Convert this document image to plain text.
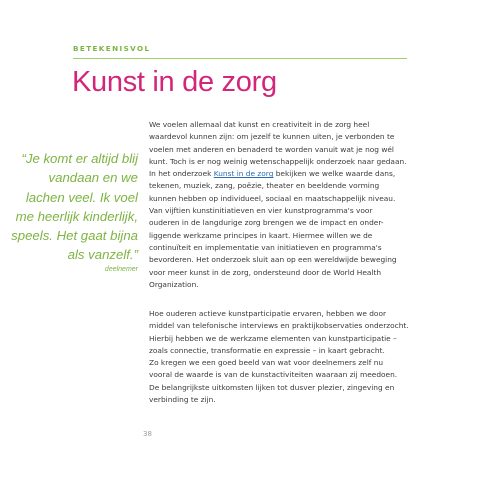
BETEKENISVOL
Kunst in de zorg
“Je komt er altijd blij
vandaan en we
lachen veel. Ik voel
me heerlijk kinderlijk,
speels. Het gaat bijna
als vanzelf.”
deelnemer
We voelen allemaal dat kunst en creativiteit in de zorg heel
waardevol kunnen zijn: om jezelf te kunnen uiten, je verbonden te
voelen met anderen en benaderd te worden vanuit wat je nog wél
kunt. Toch is er nog weinig wetenschappelijk onderzoek naar gedaan.
In het onderzoek Kunst in de zorg bekijken we welke waarde dans,
tekenen, muziek, zang, poëzie, theater en beeldende vorming
kunnen hebben op individueel, sociaal en maatschappelijk niveau.
Van vijftien kunstinitiatieven en vier kunstprogramma's voor
ouderen in de langdurige zorg brengen we de impact en onder-
liggende werkzame principes in kaart. Hiermee willen we de
continuïteit en implementatie van initiatieven en programma's
bevorderen. Het onderzoek sluit aan op een wereldwijde beweging
voor meer kunst in de zorg, ondersteund door de World Health
Organization.
Hoe ouderen actieve kunstparticipatie ervaren, hebben we door
middel van telefonische interviews en praktijkobservaties onderzocht.
Hierbij hebben we de werkzame elementen van kunstparticipatie –
zoals connectie, transformatie en expressie – in kaart gebracht.
Zo kregen we een goed beeld van wat voor deelnemers zelf nu
vooral de waarde is van de kunstactiviteiten waaraan zij meedoen.
De belangrijkste uitkomsten lijken tot dusver plezier, zingeving en
verbinding te zijn.
38
